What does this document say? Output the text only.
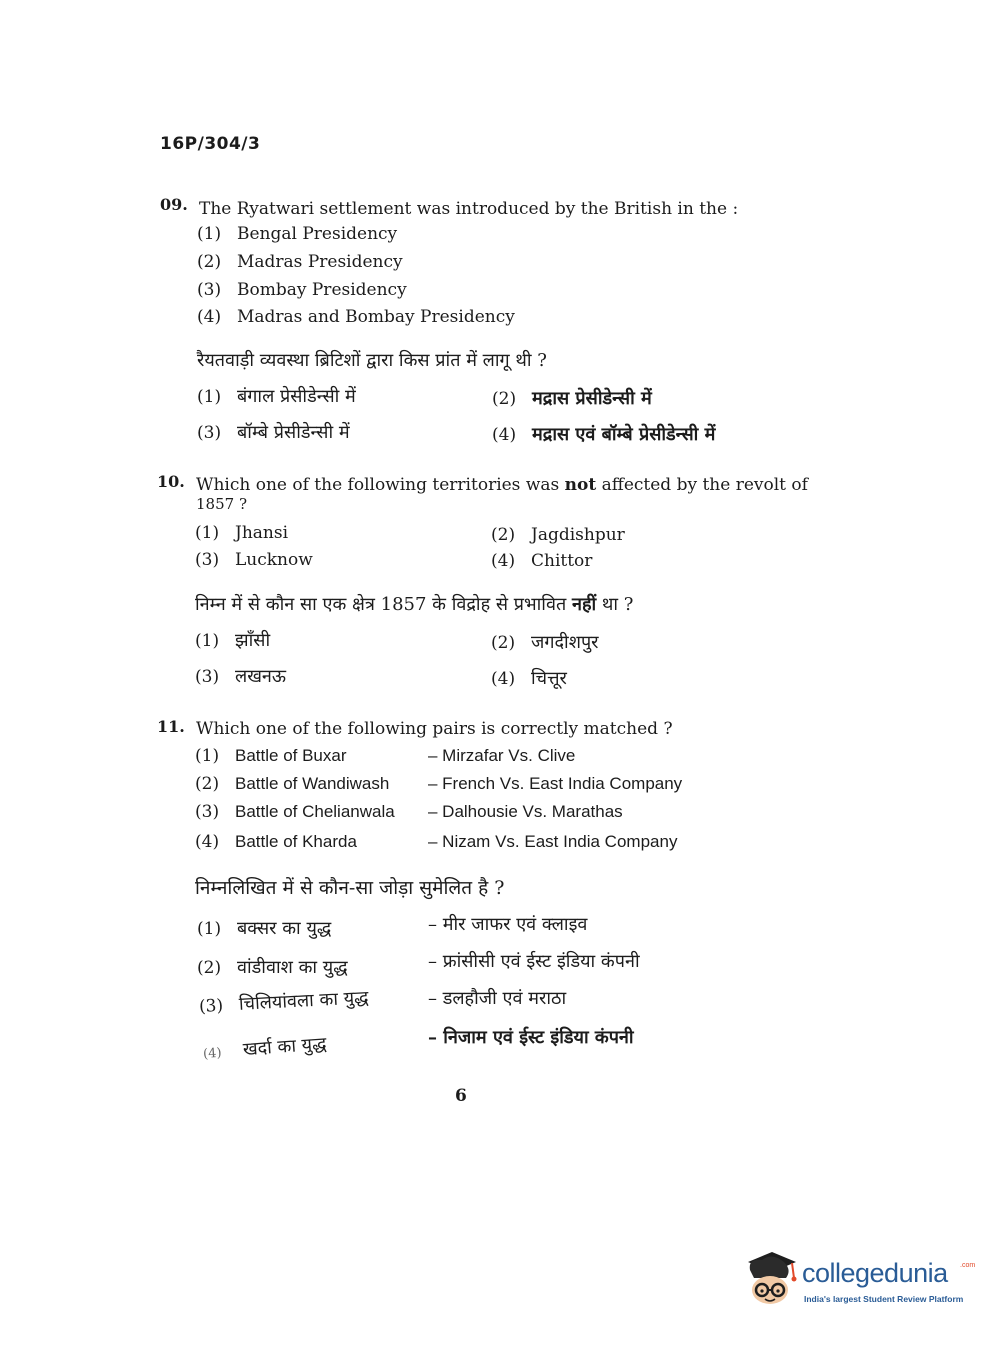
16P/304/3
09. The Ryatwari settlement was introduced by the British in the :
(1) Bengal Presidency
(2) Madras Presidency
(3) Bombay Presidency
(4) Madras and Bombay Presidency
रैयतवाड़ी व्यवस्था ब्रिटिशों द्वारा किस प्रांत में लागू थी ?
(1) बंगाल प्रेसीडेन्सी में	(2) मद्रास प्रेसीडेन्सी में
(3) बॉम्बे प्रेसीडेन्सी में	(4) मद्रास एवं बॉम्बे प्रेसीडेन्सी में
10. Which one of the following territories was not affected by the revolt of
1857 ?
(1) Jhansi	(2) Jagdishpur
(3) Lucknow	(4) Chittor
निम्न में से कौन सा एक क्षेत्र 1857 के विद्रोह से प्रभावित नहीं था ?
(1) झाँसी	(2) जगदीशपुर
(3) लखनऊ	(4) चित्तूर
11. Which one of the following pairs is correctly matched ?
(1) Battle of Buxar	– Mirzafar Vs. Clive
(2) Battle of Wandiwash – French Vs. East India Company
(3) Battle of Chelianwala – Dalhousie Vs. Marathas
(4) Battle of Kharda	– Nizam Vs. East India Company
निम्नलिखित में से कौन-सा जोड़ा सुमेलित है ?
(1) बक्सर का युद्ध	– मीर जाफर एवं क्लाइव
(2) वांडीवाश का युद्ध	– फ्रांसीसी एवं ईस्ट इंडिया कंपनी
(3) चिलियांवला का युद्ध	– डलहौजी एवं मराठा
(4) खर्दा का युद्ध	– निजाम एवं ईस्ट इंडिया कंपनी
6
collegedunia .com
India's largest Student Review Platform
